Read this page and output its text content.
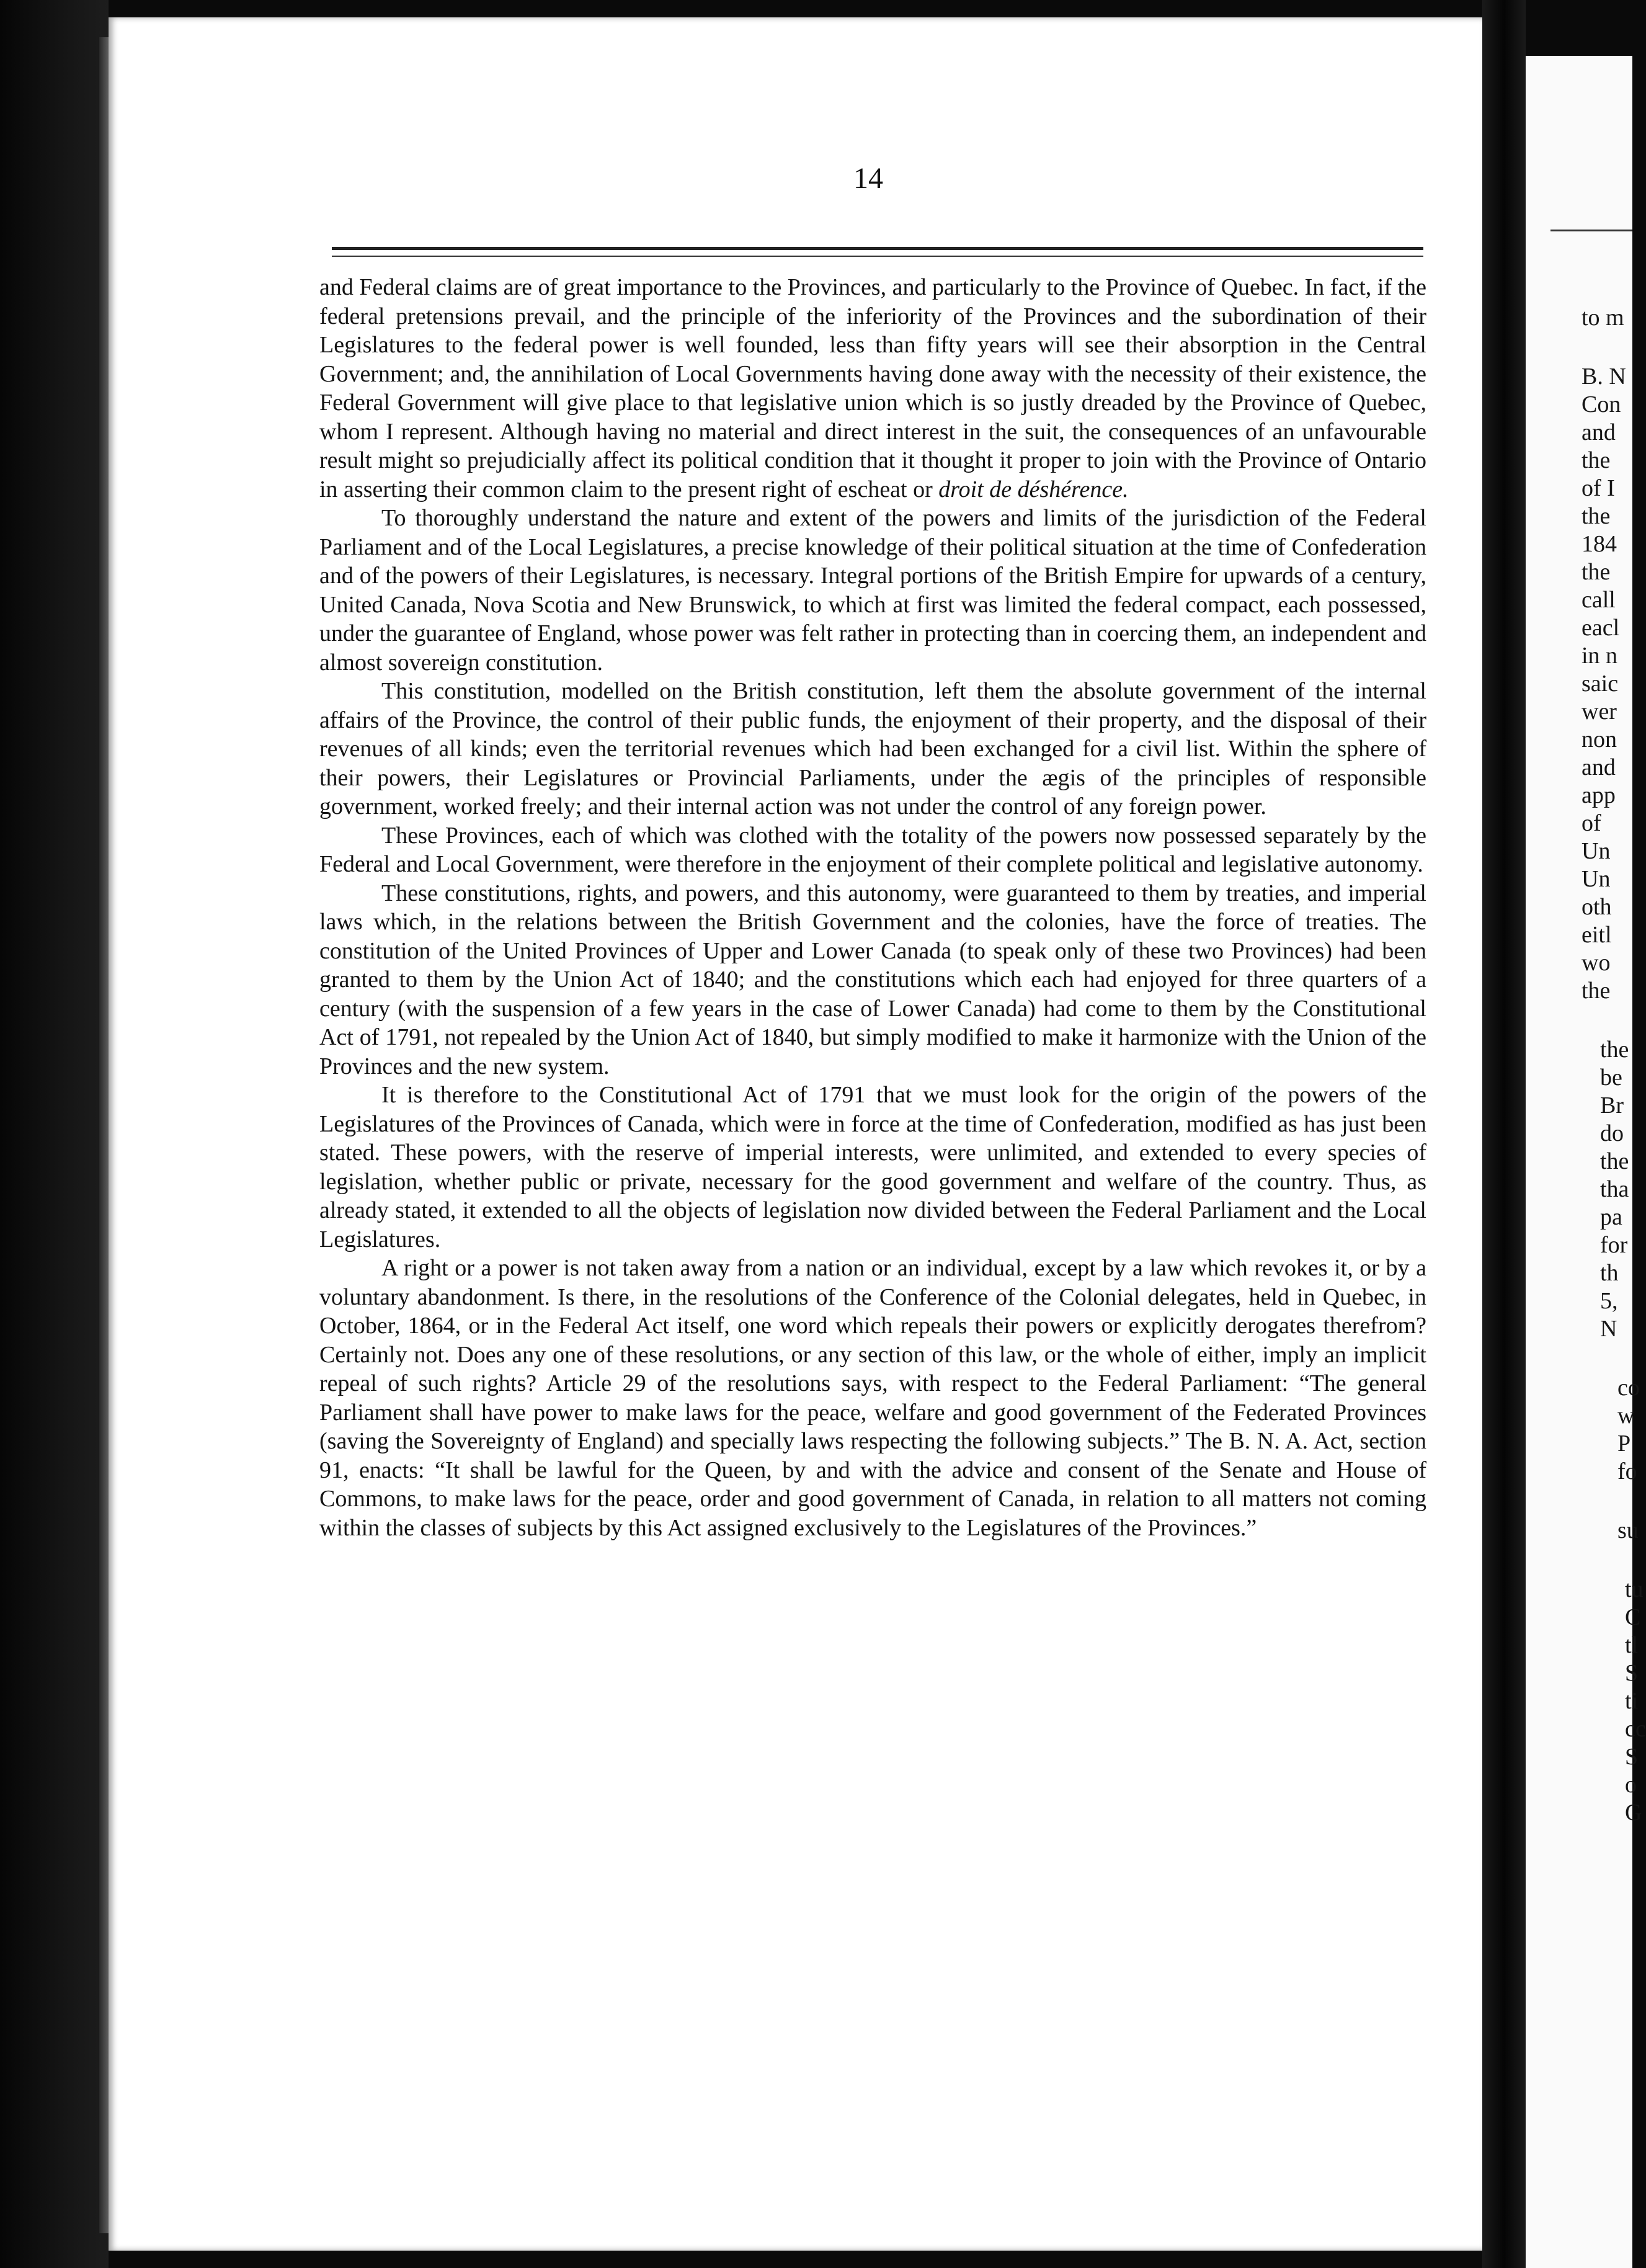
14

and Federal claims are of great importance to the Provinces, and particularly to the Province of Quebec. In fact, if the federal pretensions prevail, and the principle of the inferiority of the Provinces and the subordination of their Legislatures to the federal power is well founded, less than fifty years will see their absorption in the Central Government; and, the annihilation of Local Governments having done away with the necessity of their existence, the Federal Government will give place to that legislative union which is so justly dreaded by the Province of Quebec, whom I represent. Although having no material and direct interest in the suit, the consequences of an unfavourable result might so prejudicially affect its political condition that it thought it proper to join with the Province of Ontario in asserting their common claim to the present right of escheat or droit de déshérence.

To thoroughly understand the nature and extent of the powers and limits of the jurisdiction of the Federal Parliament and of the Local Legislatures, a precise knowledge of their political situation at the time of Confederation and of the powers of their Legislatures, is necessary. Integral portions of the British Empire for upwards of a century, United Canada, Nova Scotia and New Brunswick, to which at first was limited the federal compact, each possessed, under the guarantee of England, whose power was felt rather in protecting than in coercing them, an independent and almost sovereign constitution.

This constitution, modelled on the British constitution, left them the absolute government of the internal affairs of the Province, the control of their public funds, the enjoyment of their property, and the disposal of their revenues of all kinds; even the territorial revenues which had been exchanged for a civil list. Within the sphere of their powers, their Legislatures or Provincial Parliaments, under the ægis of the principles of responsible government, worked freely; and their internal action was not under the control of any foreign power.

These Provinces, each of which was clothed with the totality of the powers now possessed separately by the Federal and Local Government, were therefore in the enjoyment of their complete political and legislative autonomy.

These constitutions, rights, and powers, and this autonomy, were guaranteed to them by treaties, and imperial laws which, in the relations between the British Government and the colonies, have the force of treaties. The constitution of the United Provinces of Upper and Lower Canada (to speak only of these two Provinces) had been granted to them by the Union Act of 1840; and the constitutions which each had enjoyed for three quarters of a century (with the suspension of a few years in the case of Lower Canada) had come to them by the Constitutional Act of 1791, not repealed by the Union Act of 1840, but simply modified to make it harmonize with the Union of the Provinces and the new system.

It is therefore to the Constitutional Act of 1791 that we must look for the origin of the powers of the Legislatures of the Provinces of Canada, which were in force at the time of Confederation, modified as has just been stated. These powers, with the reserve of imperial interests, were unlimited, and extended to every species of legislation, whether public or private, necessary for the good government and welfare of the country. Thus, as already stated, it extended to all the objects of legislation now divided between the Federal Parliament and the Local Legislatures.

A right or a power is not taken away from a nation or an individual, except by a law which revokes it, or by a voluntary abandonment. Is there, in the resolutions of the Conference of the Colonial delegates, held in Quebec, in October, 1864, or in the Federal Act itself, one word which repeals their powers or explicitly derogates therefrom? Certainly not. Does any one of these resolutions, or any section of this law, or the whole of either, imply an implicit repeal of such rights? Article 29 of the resolutions says, with respect to the Federal Parliament: “The general Parliament shall have power to make laws for the peace, welfare and good government of the Federated Provinces (saving the Sovereignty of England) and specially laws respecting the following subjects.” The B. N. A. Act, section 91, enacts: “It shall be lawful for the Queen, by and with the advice and consent of the Senate and House of Commons, to make laws for the peace, order and good government of Canada, in relation to all matters not coming within the classes of subjects by this Act assigned exclusively to the Legislatures of the Provinces.”

to m
B. N
Con
and
the
of I
the
184
the
call
eacl
in n
saic
wer
non
and
app
of
Un
Un
oth
eitl
wo
the
the
be
Br
do
the
tha
pa
for
th
5,
N
co
w
P
fo
su
tu
C
tl
S
ti
cc
S
o
G
